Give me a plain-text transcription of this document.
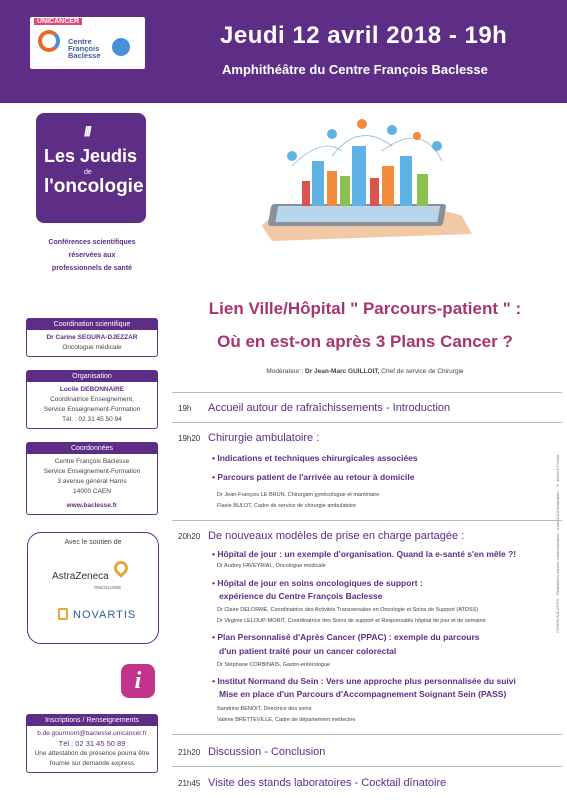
UNICANCER
Centre François Baclesse
Jeudi 12 avril 2018 - 19h
Amphithéâtre du Centre François Baclesse
///
Les Jeudis
de
l'oncologie
Conférences scientifiques
réservées aux
professionnels de santé
Lien Ville/Hôpital " Parcours-patient " :
Où en est-on après 3 Plans Cancer ?
Modérateur : Dr Jean-Marc GUILLOIT, Chef de service de Chirurgie
Coordination scientifique
Dr Carine SEGURA-DJEZZAR
Oncologue médicale
Organisation
Lucile DEBONNAIRE
Coordinatrice Enseignement,
Service Enseignement-Formation
Tél. : 02 31 45 50 94
Coordonnées
Centre François Baclesse
Service Enseignement-Formation
3 avenue général Harris
14000 CAEN
www.baclesse.fr
Avec le soutien de
AstraZeneca
ONCOLOGIE
NOVARTIS
i
Inscriptions / Renseignements
b.de.gourmont@baclesse.unicancer.fr
Tél : 02 31 45 50 89
Une attestation de présence pourra être
fournie sur demande express
19h Accueil autour de rafraîchissements - Introduction
19h20 Chirurgie ambulatoire :
• Indications et techniques chirurgicales associées
• Parcours patient de l'arrivée au retour à domicile
Dr Jean-François LE BRUN, Chirurgien gynécologue et mammaire
Flavie BULOT, Cadre de service de chirurgie ambulatoire
20h20 De nouveaux modèles de prise en charge partagée :
• Hôpital de jour : un exemple d'organisation. Quand la e-santé s'en mêle ?!
Dr Audrey FAVEYRIAL, Oncologue médicale
• Hôpital de jour en soins oncologiques de support :
expérience du Centre François Baclesse
Dr Claire DELORME, Coordinatrice des Activités Transversales en Oncologie et Soins de Support (ATOSS)
Dr Virginie LELOUP-MORIT, Coordinatrice des Soins de support et Responsable hôpital de jour et de semaine
• Plan Personnalisé d'Après Cancer (PPAC) : exemple du parcours
d'un patient traité pour un cancer colorectal
Dr Stéphane CORBINAIS, Gastro-entérologue
• Institut Normand du Sein : Vers une approche plus personnalisée du suivi
Mise en place d'un Parcours d'Accompagnement Soignant Sein (PASS)
Sandrine BENOIT, Directrice des soins
Valérie BRETTEVILLE, Cadre de département médecine
21h20 Discussion - Conclusion
21h45 Visite des stands laboratoires - Cocktail dînatoire
COMMUNICATION · Réalisation service communication - mars 2018 Illustration : © artstock Fotolia
